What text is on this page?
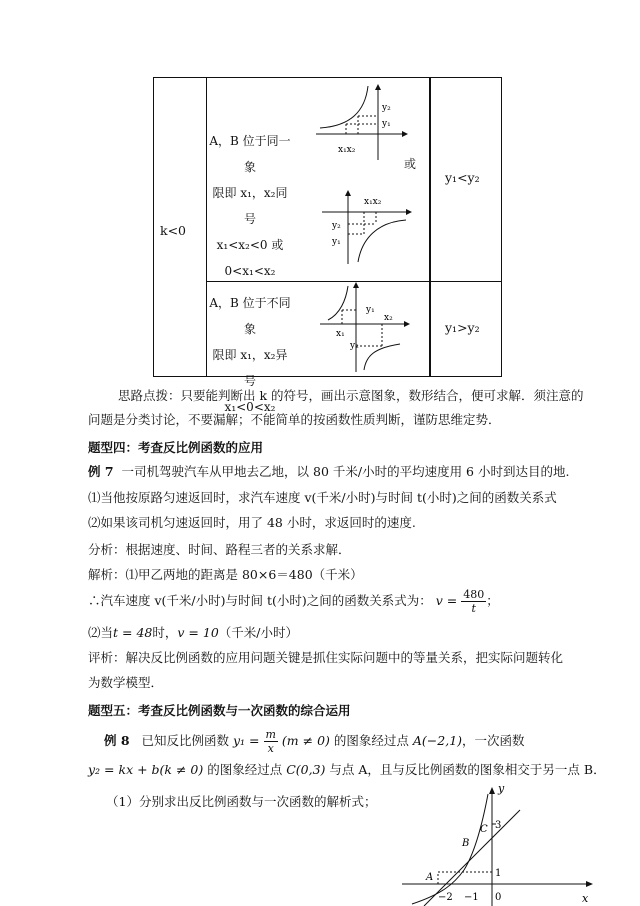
k<0
A，B 位于同一象
限即 x₁，x₂同号
x₁<x₂<0 或
0<x₁<x₂
或
y₁<y₂
A，B 位于不同象
限即 x₁，x₂异号
x₁<0<x₂
y₁>y₂
y₂
y₁
x₁x₂
x₁x₂
y₂
y₁
y₁
x₂
x₁
y₂
思路点拨：只要能判断出 k 的符号，画出示意图象，数形结合，便可求解．须注意的
问题是分类讨论，不要漏解；不能简单的按函数性质判断，谨防思维定势．
题型四：考查反比例函数的应用
例 7 一司机驾驶汽车从甲地去乙地，以 80 千米/小时的平均速度用 6 小时到达目的地.
⑴当他按原路匀速返回时，求汽车速度 v(千米/小时)与时间 t(小时)之间的函数关系式
⑵如果该司机匀速返回时，用了 48 小时，求返回时的速度.
分析：根据速度、时间、路程三者的关系求解．
解析：⑴甲乙两地的距离是 80×6＝480（千米）
∴汽车速度 v(千米/小时)与时间 t(小时)之间的函数关系式为： $v = \frac{480}{t}$ ；
⑵当t = 48时，v = 10（千米/小时）
评析：解决反比例函数的应用问题关键是抓住实际问题中的等量关系，把实际问题转化
为数学模型．
题型五：考查反比例函数与一次函数的综合运用
例 8 已知反比例函数 $y_1 = \frac{m}{x} (m \ne 0)$ 的图象经过点 A(−2,1)，一次函数
y₂ = kx + b(k ≠ 0) 的图象经过点 C(0,3) 与点 A，且与反比例函数的图象相交于另一点 B．
（1）分别求出反比例函数与一次函数的解析式；
y
x
3
1
0
−1
−2
A
B
C
